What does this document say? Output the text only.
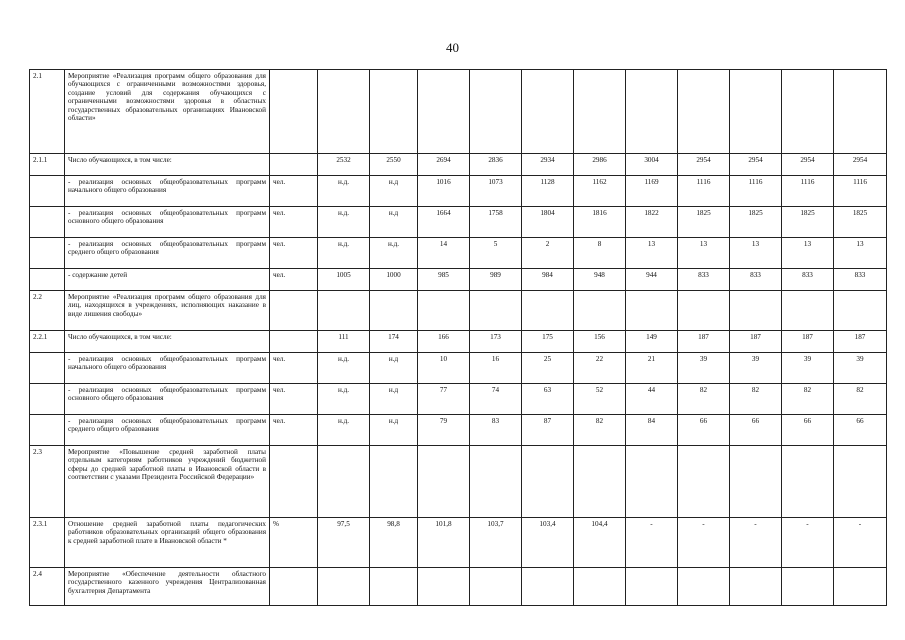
40
2.1	Мероприятие «Реализация программ общего образования для обучающихся с ограниченными возможностями здоровья, создание условий для содержания обучающихся с ограниченными возможностями здоровья в областных государственных образовательных организациях Ивановской области»												
2.1.1	Число обучающихся, в том числе:		2532	2550	2694	2836	2934	2986	3004	2954	2954	2954	2954
	- реализация основных общеобразовательных программ начального общего образования	чел.	н.д.	н.д	1016	1073	1128	1162	1169	1116	1116	1116	1116
	- реализация основных общеобразовательных программ основного общего образования	чел.	н.д.	н.д	1664	1758	1804	1816	1822	1825	1825	1825	1825
	- реализация основных общеобразовательных программ среднего общего образования	чел.	н.д.	н.д.	14	5	2	8	13	13	13	13	13
	- содержание детей	чел.	1005	1000	985	989	984	948	944	833	833	833	833
2.2	Мероприятие «Реализация программ общего образования для лиц, находящихся в учреждениях, исполняющих наказание в виде лишения свободы»												
2.2.1	Число обучающихся, в том числе:		111	174	166	173	175	156	149	187	187	187	187
	- реализация основных общеобразовательных программ начального общего образования	чел.	н.д.	н.д	10	16	25	22	21	39	39	39	39
	- реализация основных общеобразовательных программ основного общего образования	чел.	н.д.	н.д	77	74	63	52	44	82	82	82	82
	- реализация основных общеобразовательных программ среднего общего образования	чел.	н.д.	н.д	79	83	87	82	84	66	66	66	66
2.3	Мероприятие «Повышение средней заработной платы отдельным категориям работников учреждений бюджетной сферы до средней заработной платы в Ивановской области в соответствии с указами Президента Российской Федерации»												
2.3.1	Отношение средней заработной платы педагогических работников образовательных организаций общего образования к средней заработной плате в Ивановской области *	%	97,5	98,8	101,8	103,7	103,4	104,4	-	-	-	-	-
2.4	Мероприятие «Обеспечение деятельности областного государственного казенного учреждения Централизованная бухгалтерия Департамента												
